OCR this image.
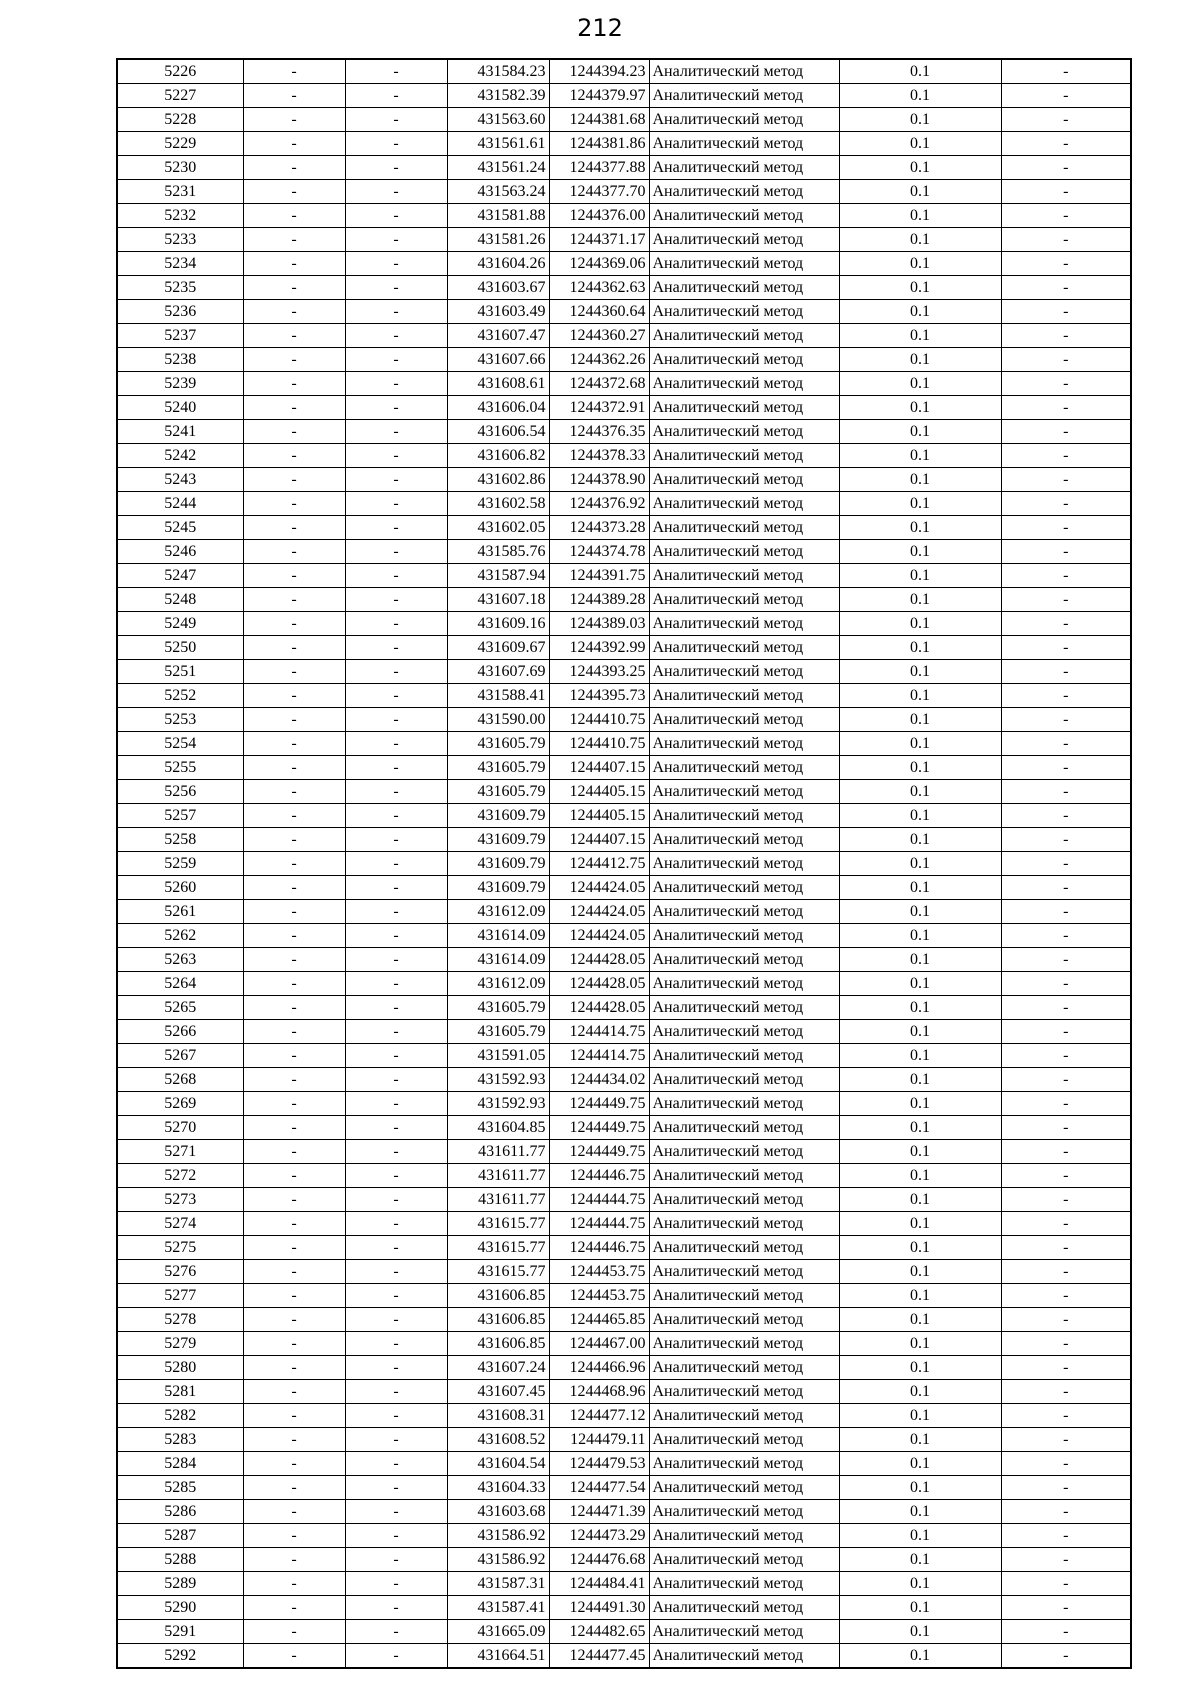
212
5226	-	-	431584.23	1244394.23	Аналитический метод	0.1	-
5227	-	-	431582.39	1244379.97	Аналитический метод	0.1	-
5228	-	-	431563.60	1244381.68	Аналитический метод	0.1	-
5229	-	-	431561.61	1244381.86	Аналитический метод	0.1	-
5230	-	-	431561.24	1244377.88	Аналитический метод	0.1	-
5231	-	-	431563.24	1244377.70	Аналитический метод	0.1	-
5232	-	-	431581.88	1244376.00	Аналитический метод	0.1	-
5233	-	-	431581.26	1244371.17	Аналитический метод	0.1	-
5234	-	-	431604.26	1244369.06	Аналитический метод	0.1	-
5235	-	-	431603.67	1244362.63	Аналитический метод	0.1	-
5236	-	-	431603.49	1244360.64	Аналитический метод	0.1	-
5237	-	-	431607.47	1244360.27	Аналитический метод	0.1	-
5238	-	-	431607.66	1244362.26	Аналитический метод	0.1	-
5239	-	-	431608.61	1244372.68	Аналитический метод	0.1	-
5240	-	-	431606.04	1244372.91	Аналитический метод	0.1	-
5241	-	-	431606.54	1244376.35	Аналитический метод	0.1	-
5242	-	-	431606.82	1244378.33	Аналитический метод	0.1	-
5243	-	-	431602.86	1244378.90	Аналитический метод	0.1	-
5244	-	-	431602.58	1244376.92	Аналитический метод	0.1	-
5245	-	-	431602.05	1244373.28	Аналитический метод	0.1	-
5246	-	-	431585.76	1244374.78	Аналитический метод	0.1	-
5247	-	-	431587.94	1244391.75	Аналитический метод	0.1	-
5248	-	-	431607.18	1244389.28	Аналитический метод	0.1	-
5249	-	-	431609.16	1244389.03	Аналитический метод	0.1	-
5250	-	-	431609.67	1244392.99	Аналитический метод	0.1	-
5251	-	-	431607.69	1244393.25	Аналитический метод	0.1	-
5252	-	-	431588.41	1244395.73	Аналитический метод	0.1	-
5253	-	-	431590.00	1244410.75	Аналитический метод	0.1	-
5254	-	-	431605.79	1244410.75	Аналитический метод	0.1	-
5255	-	-	431605.79	1244407.15	Аналитический метод	0.1	-
5256	-	-	431605.79	1244405.15	Аналитический метод	0.1	-
5257	-	-	431609.79	1244405.15	Аналитический метод	0.1	-
5258	-	-	431609.79	1244407.15	Аналитический метод	0.1	-
5259	-	-	431609.79	1244412.75	Аналитический метод	0.1	-
5260	-	-	431609.79	1244424.05	Аналитический метод	0.1	-
5261	-	-	431612.09	1244424.05	Аналитический метод	0.1	-
5262	-	-	431614.09	1244424.05	Аналитический метод	0.1	-
5263	-	-	431614.09	1244428.05	Аналитический метод	0.1	-
5264	-	-	431612.09	1244428.05	Аналитический метод	0.1	-
5265	-	-	431605.79	1244428.05	Аналитический метод	0.1	-
5266	-	-	431605.79	1244414.75	Аналитический метод	0.1	-
5267	-	-	431591.05	1244414.75	Аналитический метод	0.1	-
5268	-	-	431592.93	1244434.02	Аналитический метод	0.1	-
5269	-	-	431592.93	1244449.75	Аналитический метод	0.1	-
5270	-	-	431604.85	1244449.75	Аналитический метод	0.1	-
5271	-	-	431611.77	1244449.75	Аналитический метод	0.1	-
5272	-	-	431611.77	1244446.75	Аналитический метод	0.1	-
5273	-	-	431611.77	1244444.75	Аналитический метод	0.1	-
5274	-	-	431615.77	1244444.75	Аналитический метод	0.1	-
5275	-	-	431615.77	1244446.75	Аналитический метод	0.1	-
5276	-	-	431615.77	1244453.75	Аналитический метод	0.1	-
5277	-	-	431606.85	1244453.75	Аналитический метод	0.1	-
5278	-	-	431606.85	1244465.85	Аналитический метод	0.1	-
5279	-	-	431606.85	1244467.00	Аналитический метод	0.1	-
5280	-	-	431607.24	1244466.96	Аналитический метод	0.1	-
5281	-	-	431607.45	1244468.96	Аналитический метод	0.1	-
5282	-	-	431608.31	1244477.12	Аналитический метод	0.1	-
5283	-	-	431608.52	1244479.11	Аналитический метод	0.1	-
5284	-	-	431604.54	1244479.53	Аналитический метод	0.1	-
5285	-	-	431604.33	1244477.54	Аналитический метод	0.1	-
5286	-	-	431603.68	1244471.39	Аналитический метод	0.1	-
5287	-	-	431586.92	1244473.29	Аналитический метод	0.1	-
5288	-	-	431586.92	1244476.68	Аналитический метод	0.1	-
5289	-	-	431587.31	1244484.41	Аналитический метод	0.1	-
5290	-	-	431587.41	1244491.30	Аналитический метод	0.1	-
5291	-	-	431665.09	1244482.65	Аналитический метод	0.1	-
5292	-	-	431664.51	1244477.45	Аналитический метод	0.1	-
